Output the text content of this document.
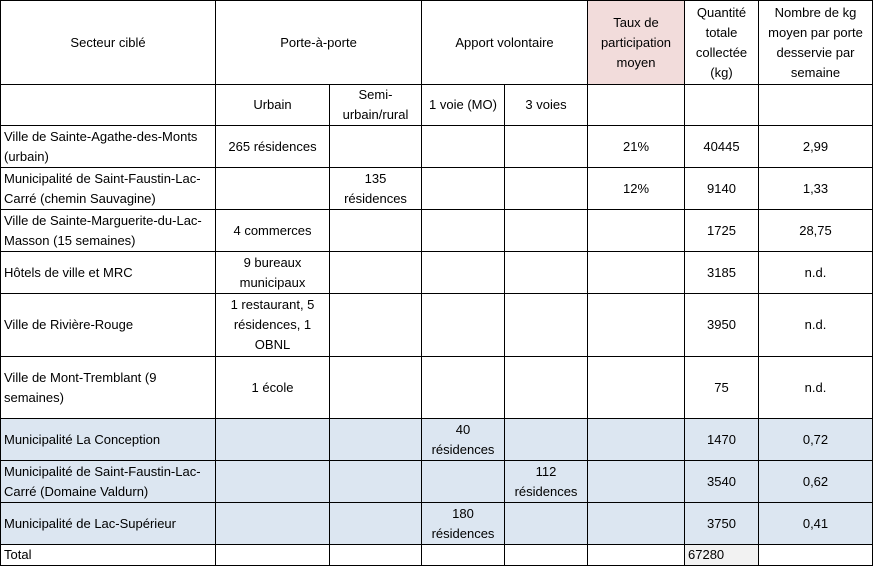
Secteur ciblé	Porte-à-porte		Apport volontaire		Taux de participation moyen	Quantité totale collectée (kg)	Nombre de kg moyen par porte desservie par semaine
	Urbain	Semi-urbain/rural	1 voie (MO)	3 voies			
Ville de Sainte-Agathe-des-Monts (urbain)	265 résidences				21%	40445	2,99
Municipalité de Saint-Faustin-Lac-Carré (chemin Sauvagine)		135 résidences			12%	9140	1,33
Ville de Sainte-Marguerite-du-Lac-Masson (15 semaines)	4 commerces					1725	28,75
Hôtels de ville et MRC	9 bureaux municipaux					3185	n.d.
Ville de Rivière-Rouge	1 restaurant, 5 résidences, 1 OBNL					3950	n.d.
Ville de Mont-Tremblant (9 semaines)	1 école					75	n.d.
Municipalité La Conception			40 résidences			1470	0,72
Municipalité de Saint-Faustin-Lac-Carré (Domaine Valdurn)				112 résidences		3540	0,62
Municipalité de Lac-Supérieur			180 résidences			3750	0,41
Total						67280	
